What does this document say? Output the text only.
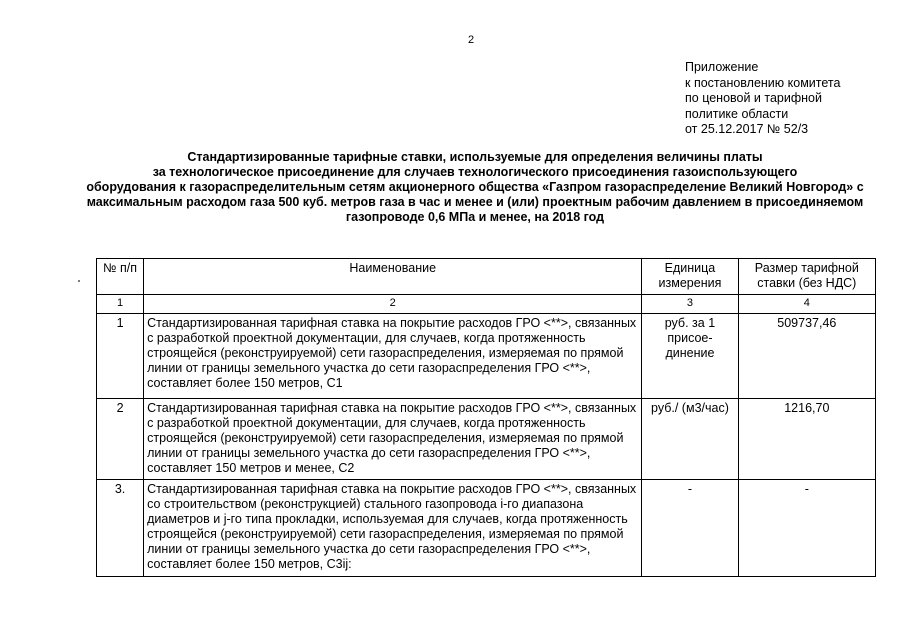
2
Приложение
к постановлению комитета
по ценовой и тарифной
политике области
от 25.12.2017 № 52/3
Стандартизированные тарифные ставки, используемые для определения величины платы
за технологическое присоединение для случаев технологического присоединения газоиспользующего
оборудования к газораспределительным сетям акционерного общества «Газпром газораспределение Великий Новгород» с
максимальным расходом газа 500 куб. метров газа в час и менее и (или) проектным рабочим давлением в присоединяемом
газопроводе 0,6 МПа и менее, на 2018 год
№ п/п	Наименование	Единица измерения	Размер тарифной ставки (без НДС)
1	2	3	4
1	Стандартизированная тарифная ставка на покрытие расходов ГРО <**>, связанных с разработкой проектной документации, для случаев, когда протяженность строящейся (реконструируемой) сети газораспределения, измеряемая по прямой линии от границы земельного участка до сети газораспределения ГРО <**>, составляет более 150 метров, С1	руб. за 1 присое-динение	509737,46
2	Стандартизированная тарифная ставка на покрытие расходов ГРО <**>, связанных с разработкой проектной документации, для случаев, когда протяженность строящейся (реконструируемой) сети газораспределения, измеряемая по прямой линии от границы земельного участка до сети газораспределения ГРО <**>, составляет 150 метров и менее, С2	руб./ (м3/час)	1216,70
3.	Стандартизированная тарифная ставка на покрытие расходов ГРО <**>, связанных со строительством (реконструкцией) стального газопровода i-го диапазона диаметров и j-го типа прокладки, используемая для случаев, когда протяженность строящейся (реконструируемой) сети газораспределения, измеряемая по прямой линии от границы земельного участка до сети газораспределения ГРО <**>, составляет более 150 метров, С3ij:	-	-
